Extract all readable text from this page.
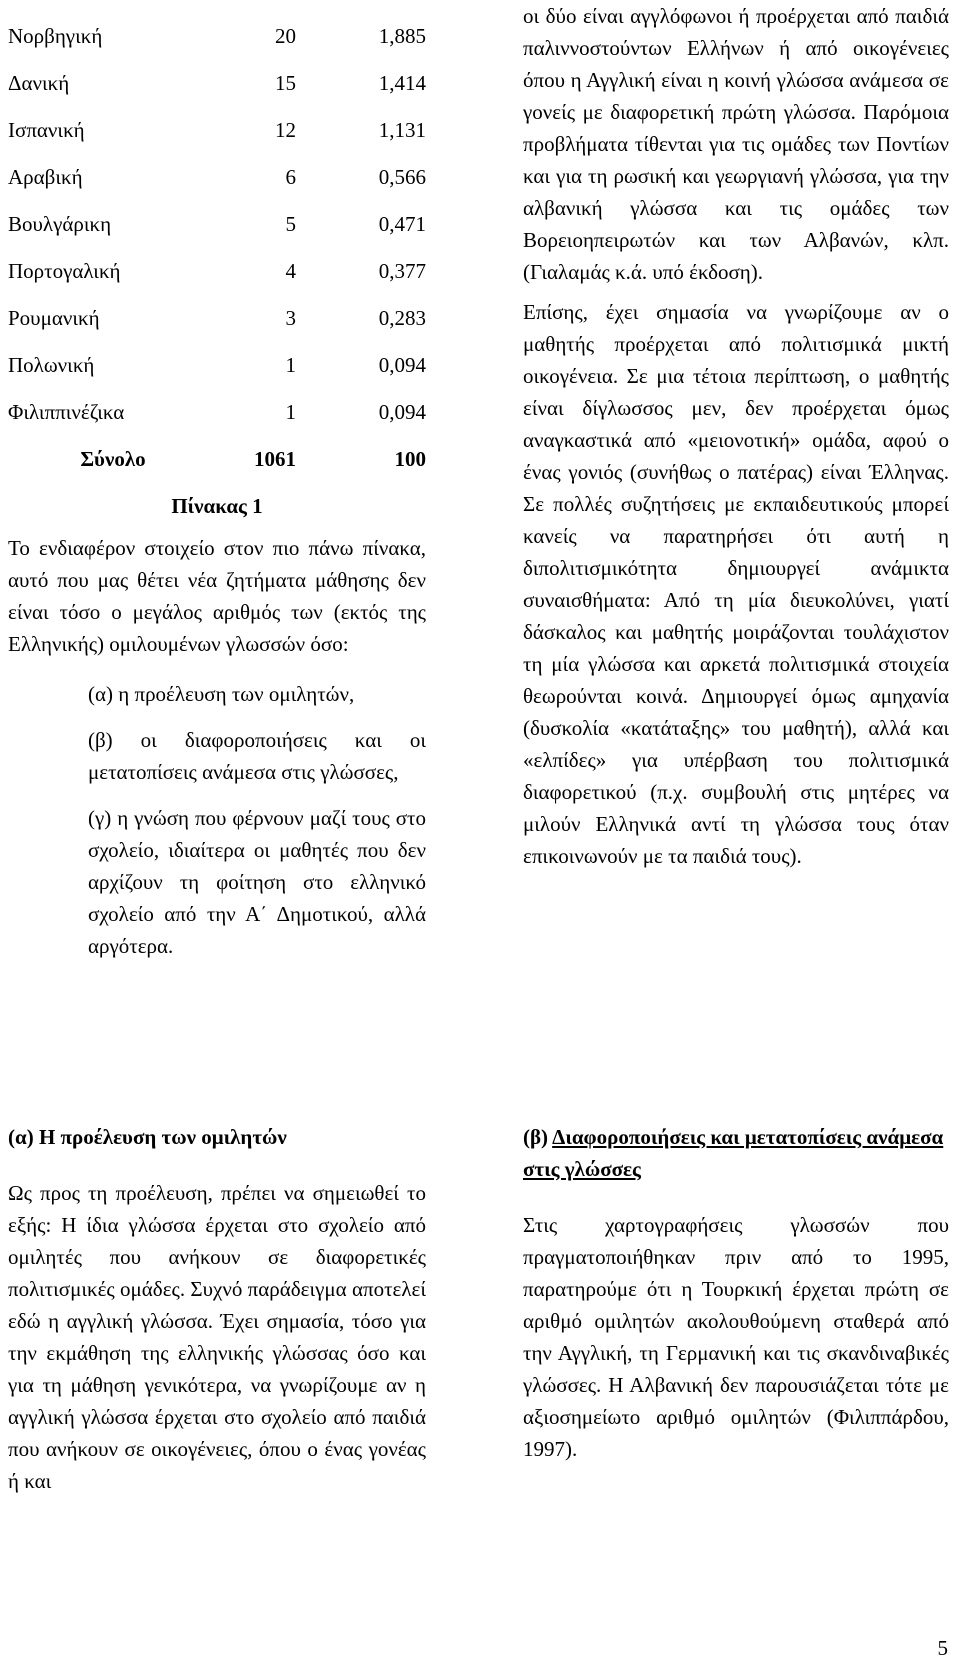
Νορβηγική	20	1,885
Δανική	15	1,414
Ισπανική	12	1,131
Αραβική	6	0,566
Βουλγάρικη	5	0,471
Πορτογαλική	4	0,377
Ρουμανική	3	0,283
Πολωνική	1	0,094
Φιλιππινέζικα	1	0,094
Σύνολο	1061	100
Πίνακας 1

Το ενδιαφέρον στοιχείο στον πιο πάνω πίνακα, αυτό που μας θέτει νέα ζητήματα μάθησης δεν είναι τόσο ο μεγάλος αριθμός των (εκτός της Ελληνικής) ομιλουμένων γλωσσών όσο:

(α) η προέλευση των ομιλητών,

(β) οι διαφοροποιήσεις και οι μετατοπίσεις ανάμεσα στις γλώσσες,

(γ) η γνώση που φέρνουν μαζί τους στο σχολείο, ιδιαίτερα οι μαθητές που δεν αρχίζουν τη φοίτηση στο ελληνικό σχολείο από την Α΄ Δημοτικού, αλλά αργότερα.

οι δύο είναι αγγλόφωνοι ή προέρχεται από παιδιά παλιννοστούντων Ελλήνων ή από οικογένειες όπου η Αγγλική είναι η κοινή γλώσσα ανάμεσα σε γονείς με διαφορετική πρώτη γλώσσα. Παρόμοια προβλήματα τίθενται για τις ομάδες των Ποντίων και για τη ρωσική και γεωργιανή γλώσσα, για την αλβανική γλώσσα και τις ομάδες των Βορειοηπειρωτών και των Αλβανών, κλπ. (Γιαλαμάς κ.ά. υπό έκδοση).

Επίσης, έχει σημασία να γνωρίζουμε αν ο μαθητής προέρχεται από πολιτισμικά μικτή οικογένεια. Σε μια τέτοια περίπτωση, ο μαθητής είναι δίγλωσσος μεν, δεν προέρχεται όμως αναγκαστικά από «μειονοτική» ομάδα, αφού ο ένας γονιός (συνήθως ο πατέρας) είναι Έλληνας. Σε πολλές συζητήσεις με εκπαιδευτικούς μπορεί κανείς να παρατηρήσει ότι αυτή η διπολιτισμικότητα δημιουργεί ανάμικτα συναισθήματα: Από τη μία διευκολύνει, γιατί δάσκαλος και μαθητής μοιράζονται τουλάχιστον τη μία γλώσσα και αρκετά πολιτισμικά στοιχεία θεωρούνται κοινά. Δημιουργεί όμως αμηχανία (δυσκολία «κατάταξης» του μαθητή), αλλά και «ελπίδες» για υπέρβαση του πολιτισμικά διαφορετικού (π.χ. συμβουλή στις μητέρες να μιλούν Ελληνικά αντί τη γλώσσα τους όταν επικοινωνούν με τα παιδιά τους).

(α) Η προέλευση των ομιλητών

Ως προς τη προέλευση, πρέπει να σημειωθεί το εξής: Η ίδια γλώσσα έρχεται στο σχολείο από ομιλητές που ανήκουν σε διαφορετικές πολιτισμικές ομάδες. Συχνό παράδειγμα αποτελεί εδώ η αγγλική γλώσσα. Έχει σημασία, τόσο για την εκμάθηση της ελληνικής γλώσσας όσο και για τη μάθηση γενικότερα, να γνωρίζουμε αν η αγγλική γλώσσα έρχεται στο σχολείο από παιδιά που ανήκουν σε οικογένειες, όπου ο ένας γονέας ή και

(β) Διαφοροποιήσεις και μετατοπίσεις ανάμεσα στις γλώσσες

Στις χαρτογραφήσεις γλωσσών που πραγματοποιήθηκαν πριν από το 1995, παρατηρούμε ότι η Τουρκική έρχεται πρώτη σε αριθμό ομιλητών ακολουθούμενη σταθερά από την Αγγλική, τη Γερμανική και τις σκανδιναβικές γλώσσες. Η Αλβανική δεν παρουσιάζεται τότε με αξιοσημείωτο αριθμό ομιλητών (Φιλιππάρδου, 1997).

5
